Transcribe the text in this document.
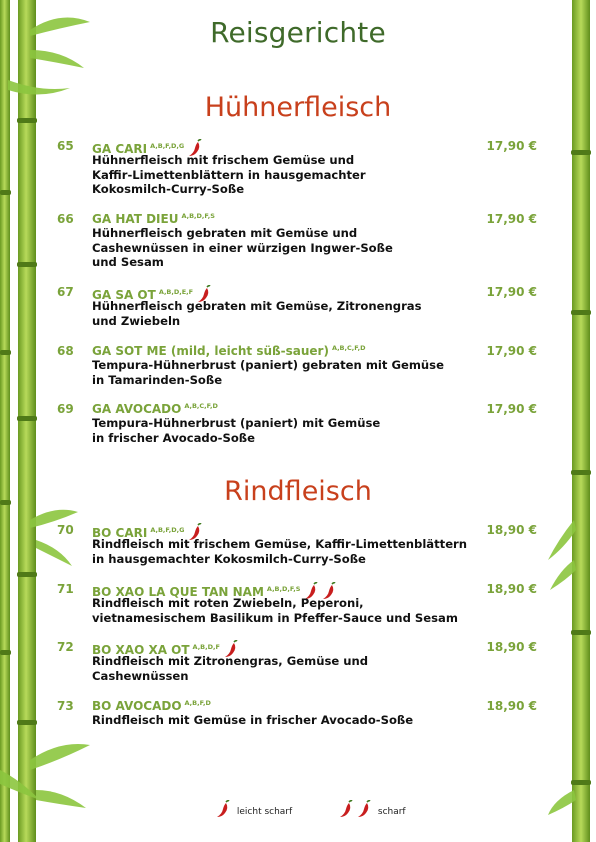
Reisgerichte
Hühnerfleisch
65 GA CARI $^{A,B,F,D,G}$	17,90 €
Hühnerfleisch mit frischem Gemüse und
Kaffir-Limettenblättern in hausgemachter
Kokosmilch-Curry-Soße
66 GA HAT DIEU $^{A,B,D,F,S}$	17,90 €
Hühnerfleisch gebraten mit Gemüse und
Cashewnüssen in einer würzigen Ingwer-Soße
und Sesam
67 GA SA OT $^{A,B,D,E,F}$	17,90 €
Hühnerfleisch gebraten mit Gemüse, Zitronengras
und Zwiebeln
68 GA SOT ME (mild, leicht süß-sauer) $^{A,B,C,F,D}$	17,90 €
Tempura-Hühnerbrust (paniert) gebraten mit Gemüse
in Tamarinden-Soße
69 GA AVOCADO $^{A,B,C,F,D}$	17,90 €
Tempura-Hühnerbrust (paniert) mit Gemüse
in frischer Avocado-Soße
Rindfleisch
70 BO CARI $^{A,B,F,D,G}$	18,90 €
Rindfleisch mit frischem Gemüse, Kaffir-Limettenblättern
in hausgemachter Kokosmilch-Curry-Soße
71 BO XAO LA QUE TAN NAM $^{A,B,D,F,S}$	18,90 €
Rindfleisch mit roten Zwiebeln, Peperoni,
vietnamesischem Basilikum in Pfeffer-Sauce und Sesam
72 BO XAO XA OT $^{A,B,D,F}$	18,90 €
Rindfleisch mit Zitronengras, Gemüse und
Cashewnüssen
73 BO AVOCADO $^{A,B,F,D}$	18,90 €
Rindfleisch mit Gemüse in frischer Avocado-Soße
leicht scharf	scharf
